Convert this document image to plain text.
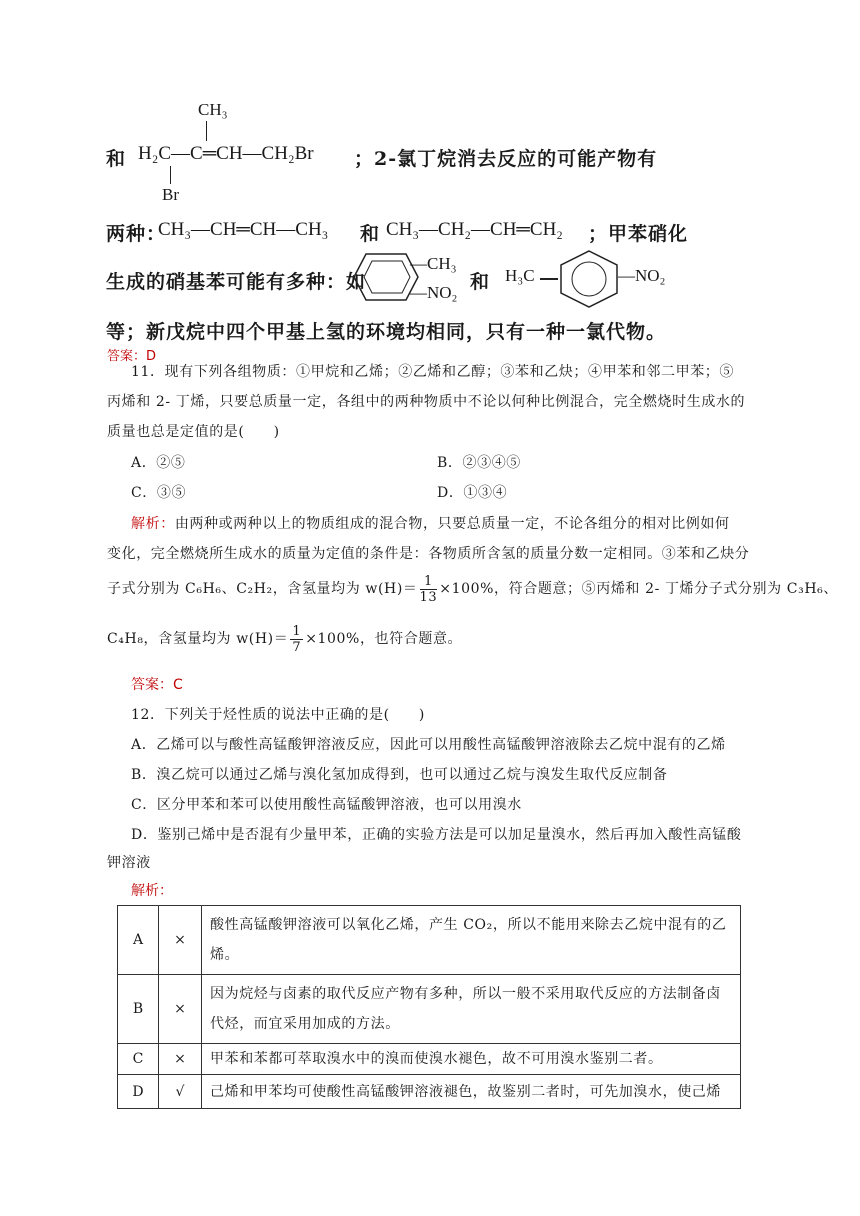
和
CH₃
H₂C—C═CH—CH₂Br
Br
；2-氯丁烷消去反应的可能产物有
两种：
CH₃—CH═CH—CH₃ 和 CH₃—CH₂—CH═CH₂ ；甲苯硝化
生成的硝基苯可能有多种：如
—CH₃
—NO₂ 和 H₃C	—NO₂
等；新戊烷中四个甲基上氢的环境均相同，只有一种一氯代物。
答案：D
11．现有下列各组物质：①甲烷和乙烯；②乙烯和乙醇；③苯和乙炔；④甲苯和邻二甲苯；⑤
丙烯和 2- 丁烯，只要总质量一定，各组中的两种物质中不论以何种比例混合，完全燃烧时生成水的
质量也总是定值的是(　　)
A．②⑤	B．②③④⑤
C．③⑤	D．①③④
解析：由两种或两种以上的物质组成的混合物，只要总质量一定，不论各组分的相对比例如何
变化，完全燃烧所生成水的质量为定值的条件是：各物质所含氢的质量分数一定相同。③苯和乙炔分
子式分别为 C₆H₆、C₂H₂，含氢量均为 $w(H)= \frac{1}{13} \times 100\%$，符合题意；⑤丙烯和 2- 丁烯分子式分别为 C₃H₆、
C₄H₈，含氢量均为 $w(H)= \frac{1}{7} \times 100\%$，也符合题意。
答案：C
12．下列关于烃性质的说法中正确的是(　　)
A．乙烯可以与酸性高锰酸钾溶液反应，因此可以用酸性高锰酸钾溶液除去乙烷中混有的乙烯
B．溴乙烷可以通过乙烯与溴化氢加成得到，也可以通过乙烷与溴发生取代反应制备
C．区分甲苯和苯可以使用酸性高锰酸钾溶液，也可以用溴水
D．鉴别己烯中是否混有少量甲苯，正确的实验方法是可以加足量溴水，然后再加入酸性高锰酸
钾溶液
解析：
A	×	酸性高锰酸钾溶液可以氧化乙烯，产生 CO₂，所以不能用来除去乙烷中混有的乙
烯。

B	×	因为烷烃与卤素的取代反应产物有多种，所以一般不采用取代反应的方法制备卤
代烃，而宜采用加成的方法。

C	×	甲苯和苯都可萃取溴水中的溴而使溴水褪色，故不可用溴水鉴别二者。

D	√	己烯和甲苯均可使酸性高锰酸钾溶液褪色，故鉴别二者时，可先加溴水，使己烯
